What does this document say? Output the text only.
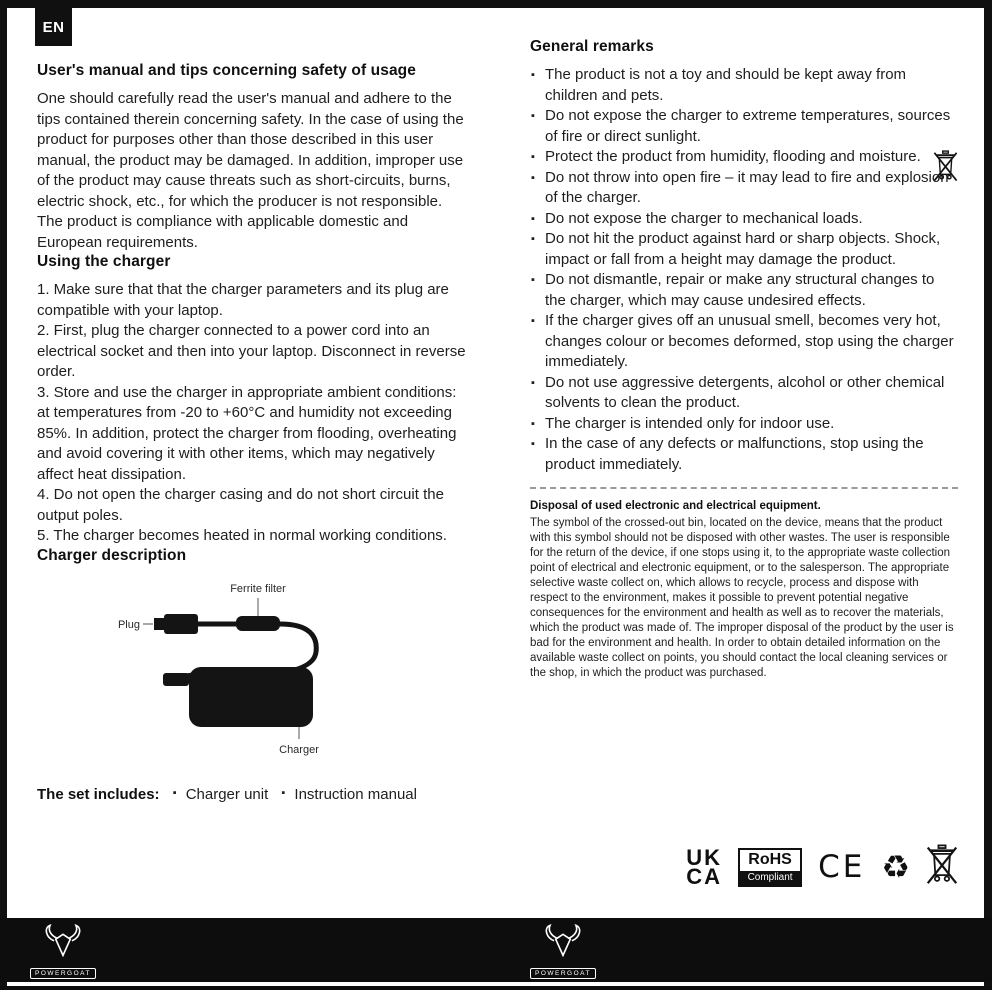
EN
User's manual and tips concerning safety of usage

One should carefully read the user's manual and adhere to the tips contained therein concerning safety. In the case of using the product for purposes other than those described in this user manual, the product may be damaged. In addition, improper use of the product may cause threats such as short-circuits, burns, electric shock, etc., for which the producer is not responsible. The product is compliance with applicable domestic and European requirements.

Using the charger

1. Make sure that that the charger parameters and its plug are compatible with your laptop.

2. First, plug the charger connected to a power cord into an electrical socket and then into your laptop. Disconnect in reverse order.

3. Store and use the charger in appropriate ambient conditions: at temperatures from -20 to +60°C and humidity not exceeding 85%. In addition, protect the charger from flooding, overheating and avoid covering it with other items, which may negatively affect heat dissipation.

4. Do not open the charger casing and do not short circuit the output poles.

5. The charger becomes heated in normal working conditions.

Charger description
Ferrite filter
Plug
Charger
The set includes: ▪ Charger unit ▪ Instruction manual
General remarks
▪ The product is not a toy and should be kept away from children and pets.
▪ Do not expose the charger to extreme temperatures, sources of fire or direct sunlight.
▪ Protect the product from humidity, flooding and moisture.
▪ Do not throw into open fire – it may lead to fire and explosion of the charger.
▪ Do not expose the charger to mechanical loads.
▪ Do not hit the product against hard or sharp objects. Shock, impact or fall from a height may damage the product.
▪ Do not dismantle, repair or make any structural changes to the charger, which may cause undesired effects.
▪ If the charger gives off an unusual smell, becomes very hot, changes colour or becomes deformed, stop using the charger immediately.
▪ Do not use aggressive detergents, alcohol or other chemical solvents to clean the product.
▪ The charger is intended only for indoor use.
▪ In the case of any defects or malfunctions, stop using the product immediately.
Disposal of used electronic and electrical equipment.

The symbol of the crossed-out bin, located on the device, means that the product with this symbol should not be disposed with other wastes. The user is responsible for the return of the device, if one stops using it, to the appropriate waste collection point of electrical and electronic equipment, or to the salesperson. The appropriate selective waste collect on, which allows to recycle, process and dispose with respect to the environment, makes it possible to prevent potential negative consequences for the environment and health as well as to recover the materials, which the product was made of. The improper disposal of the product by the user is bad for the environment and health. In order to obtain detailed information on the available waste collect on points, you should contact the local cleaning services or the shop, in which the product was purchased.

UK
CA
RoHS
Compliant CE ♻
POWERGOAT	POWERGOAT
